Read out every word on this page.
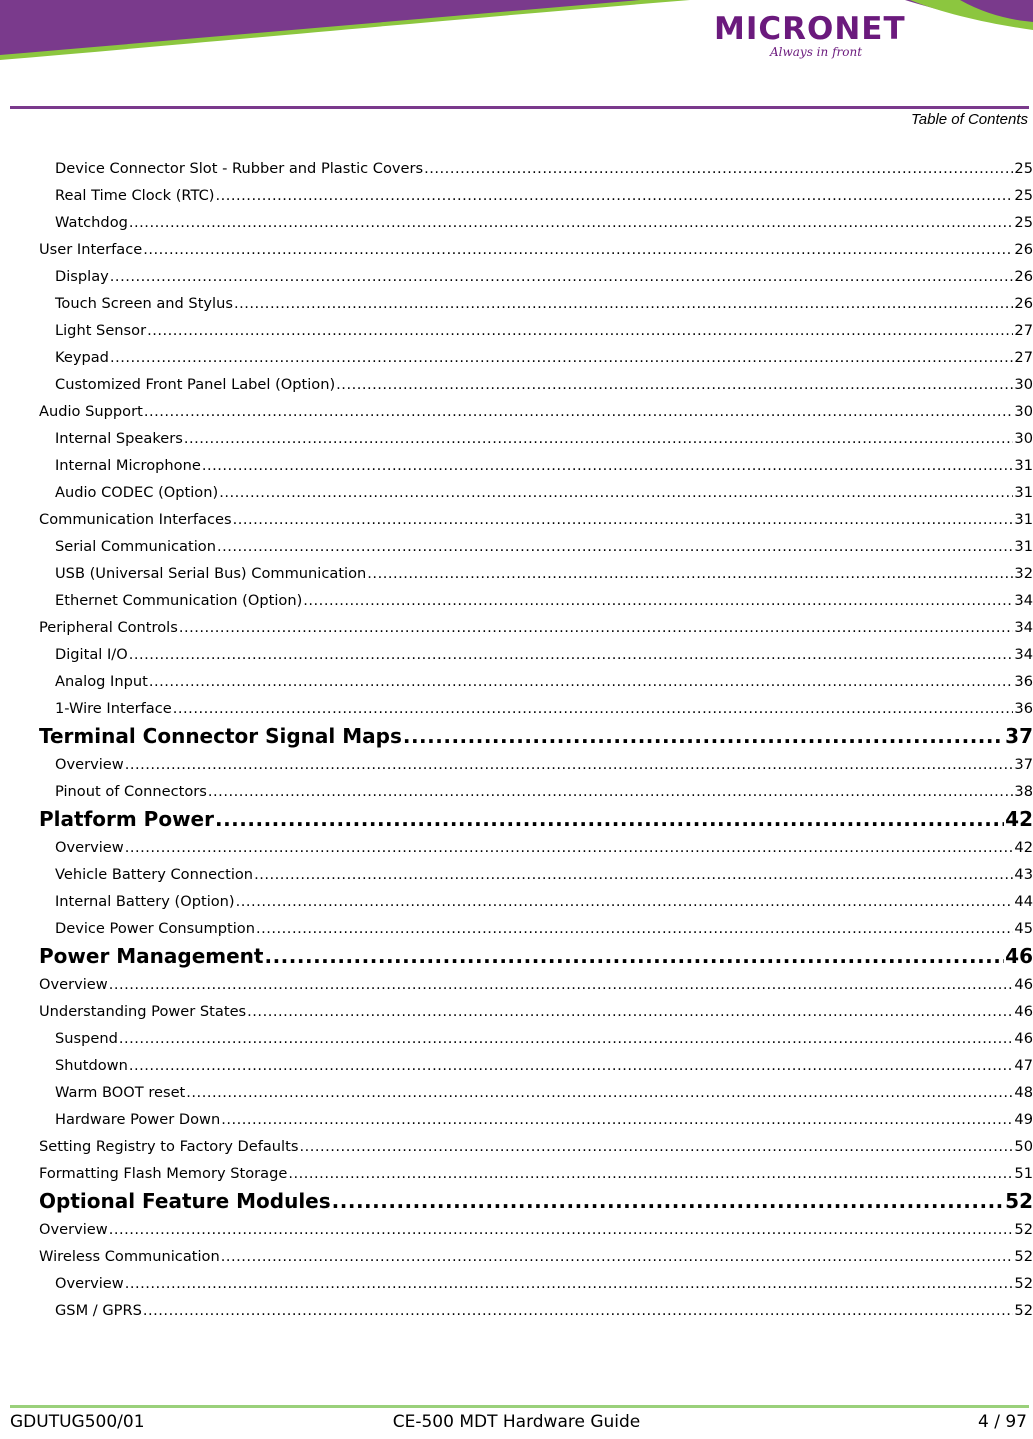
MICRONET
Always in front
Table of Contents
Device Connector Slot - Rubber and Plastic Covers .....	25
Real Time Clock (RTC) .....	25
Watchdog .....	25
User Interface .....	26
Display .....	26
Touch Screen and Stylus .....	26
Light Sensor .....	27
Keypad .....	27
Customized Front Panel Label (Option) .....	30
Audio Support .....	30
Internal Speakers .....	30
Internal Microphone .....	31
Audio CODEC (Option) .....	31
Communication Interfaces .....	31
Serial Communication .....	31
USB (Universal Serial Bus) Communication .....	32
Ethernet Communication (Option) .....	34
Peripheral Controls .....	34
Digital I/O .....	34
Analog Input .....	36
1-Wire Interface .....	36
Terminal Connector Signal Maps .....	37
Overview .....	37
Pinout of Connectors .....	38
Platform Power .....	42
Overview .....	42
Vehicle Battery Connection .....	43
Internal Battery (Option) .....	44
Device Power Consumption .....	45
Power Management .....	46
Overview .....	46
Understanding Power States .....	46
Suspend .....	46
Shutdown .....	47
Warm BOOT reset .....	48
Hardware Power Down .....	49
Setting Registry to Factory Defaults .....	50
Formatting Flash Memory Storage .....	51
Optional Feature Modules .....	52
Overview .....	52
Wireless Communication .....	52
Overview .....	52
GSM / GPRS .....	52
GDUTUG500/01	CE-500 MDT Hardware Guide	4 / 97
